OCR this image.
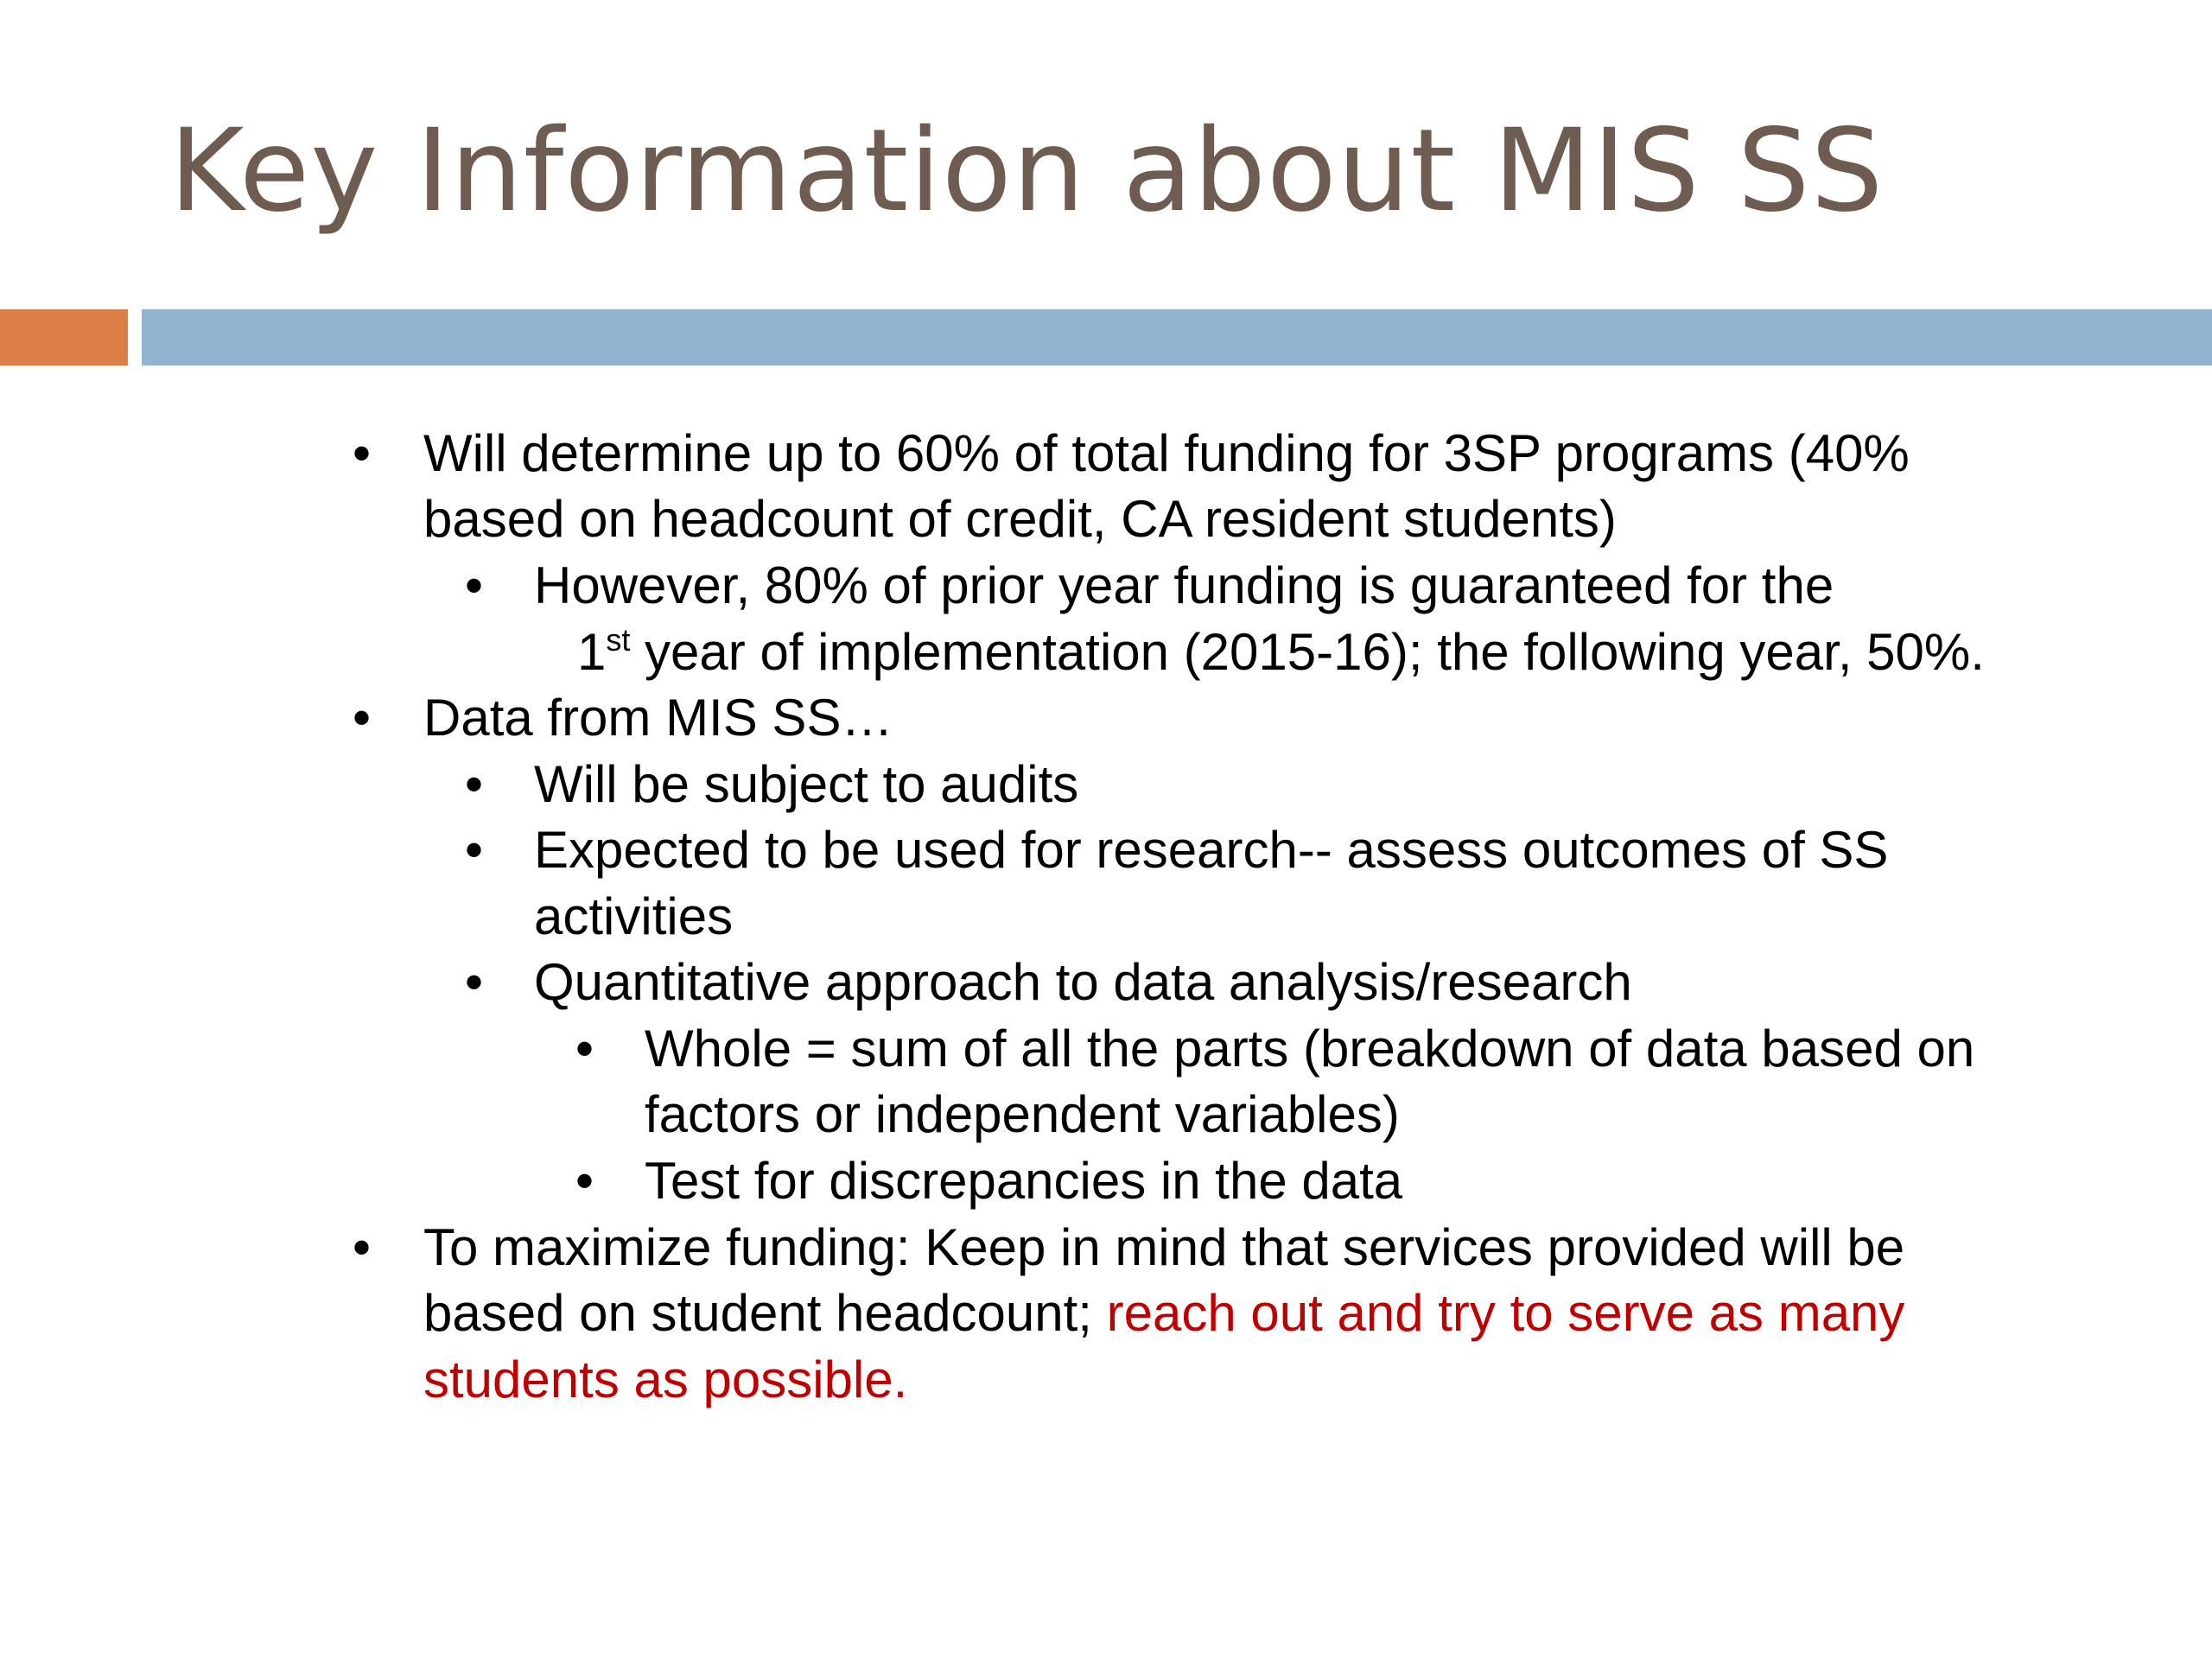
Key Information about MIS SS
• Will determine up to 60% of total funding for 3SP programs (40%
based on headcount of credit, CA resident students)
• However, 80% of prior year funding is guaranteed for the
1st year of implementation (2015-16); the following year, 50%.
• Data from MIS SS…
• Will be subject to audits
• Expected to be used for research-- assess outcomes of SS
activities
• Quantitative approach to data analysis/research
• Whole = sum of all the parts (breakdown of data based on
factors or independent variables)
• Test for discrepancies in the data
• To maximize funding: Keep in mind that services provided will be
based on student headcount; reach out and try to serve as many
students as possible.
